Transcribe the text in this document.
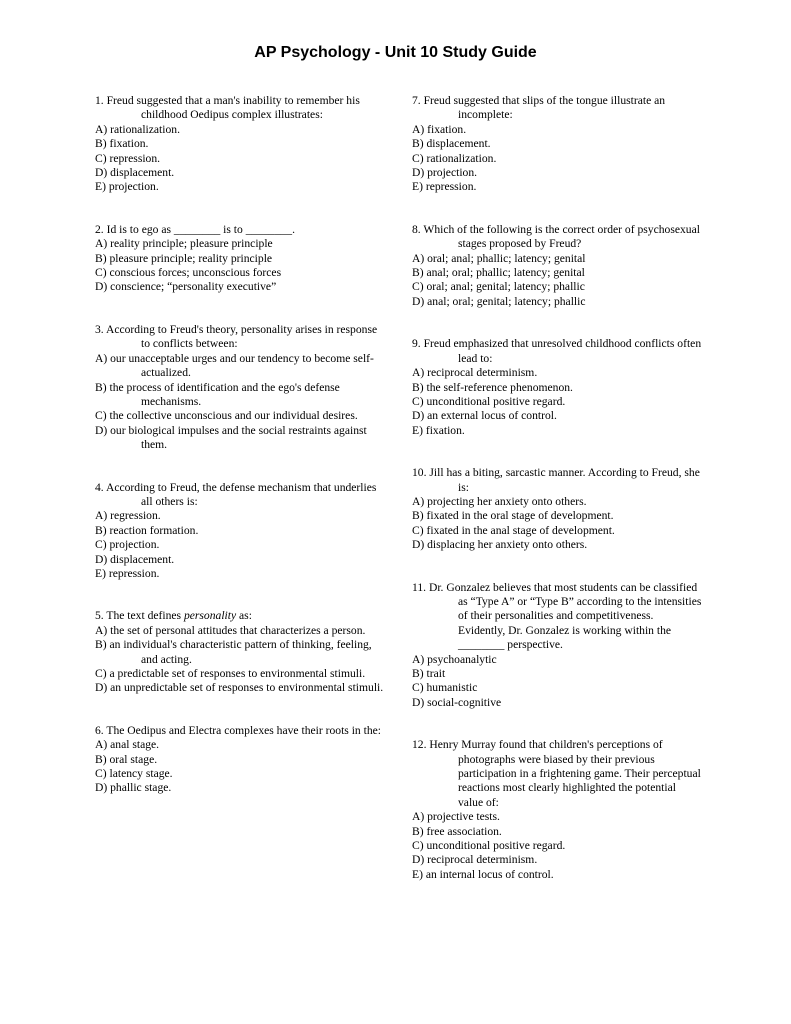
AP Psychology - Unit 10 Study Guide
1. Freud suggested that a man's inability to remember his childhood Oedipus complex illustrates:
A) rationalization.
B) fixation.
C) repression.
D) displacement.
E) projection.
2. Id is to ego as ________ is to ________.
A) reality principle; pleasure principle
B) pleasure principle; reality principle
C) conscious forces; unconscious forces
D) conscience; “personality executive”
3. According to Freud's theory, personality arises in response to conflicts between:
A) our unacceptable urges and our tendency to become self-actualized.
B) the process of identification and the ego's defense mechanisms.
C) the collective unconscious and our individual desires.
D) our biological impulses and the social restraints against them.
4. According to Freud, the defense mechanism that underlies all others is:
A) regression.
B) reaction formation.
C) projection.
D) displacement.
E) repression.
5. The text defines personality as:
A) the set of personal attitudes that characterizes a person.
B) an individual's characteristic pattern of thinking, feeling, and acting.
C) a predictable set of responses to environmental stimuli.
D) an unpredictable set of responses to environmental stimuli.
6. The Oedipus and Electra complexes have their roots in the:
A) anal stage.
B) oral stage.
C) latency stage.
D) phallic stage.
7. Freud suggested that slips of the tongue illustrate an incomplete:
A) fixation.
B) displacement.
C) rationalization.
D) projection.
E) repression.
8. Which of the following is the correct order of psychosexual stages proposed by Freud?
A) oral; anal; phallic; latency; genital
B) anal; oral; phallic; latency; genital
C) oral; anal; genital; latency; phallic
D) anal; oral; genital; latency; phallic
9. Freud emphasized that unresolved childhood conflicts often lead to:
A) reciprocal determinism.
B) the self-reference phenomenon.
C) unconditional positive regard.
D) an external locus of control.
E) fixation.
10. Jill has a biting, sarcastic manner. According to Freud, she is:
A) projecting her anxiety onto others.
B) fixated in the oral stage of development.
C) fixated in the anal stage of development.
D) displacing her anxiety onto others.
11. Dr. Gonzalez believes that most students can be classified as “Type A” or “Type B” according to the intensities of their personalities and competitiveness. Evidently, Dr. Gonzalez is working within the ________ perspective.
A) psychoanalytic
B) trait
C) humanistic
D) social-cognitive
12. Henry Murray found that children's perceptions of photographs were biased by their previous participation in a frightening game. Their perceptual reactions most clearly highlighted the potential value of:
A) projective tests.
B) free association.
C) unconditional positive regard.
D) reciprocal determinism.
E) an internal locus of control.
